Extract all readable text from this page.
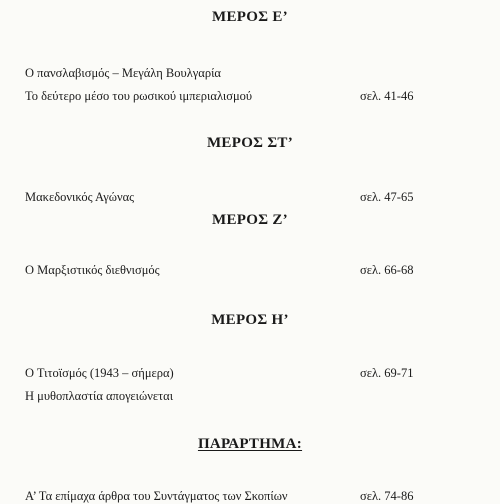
ΜΕΡΟΣ Ε’
Ο πανσλαβισμός – Μεγάλη Βουλγαρία
Το δεύτερο μέσο του ρωσικού ιμπεριαλισμού	σελ. 41-46
ΜΕΡΟΣ ΣΤ’
Μακεδονικός Αγώνας	σελ. 47-65
ΜΕΡΟΣ Ζ’
Ο Μαρξιστικός διεθνισμός	σελ. 66-68
ΜΕΡΟΣ Η’
Ο Τιτοϊσμός (1943 – σήμερα)	σελ. 69-71
Η μυθοπλαστία απογειώνεται
ΠΑΡΑΡΤΗΜΑ:
Α’ Τα επίμαχα άρθρα του Συντάγματος των Σκοπίων	σελ. 74-86
